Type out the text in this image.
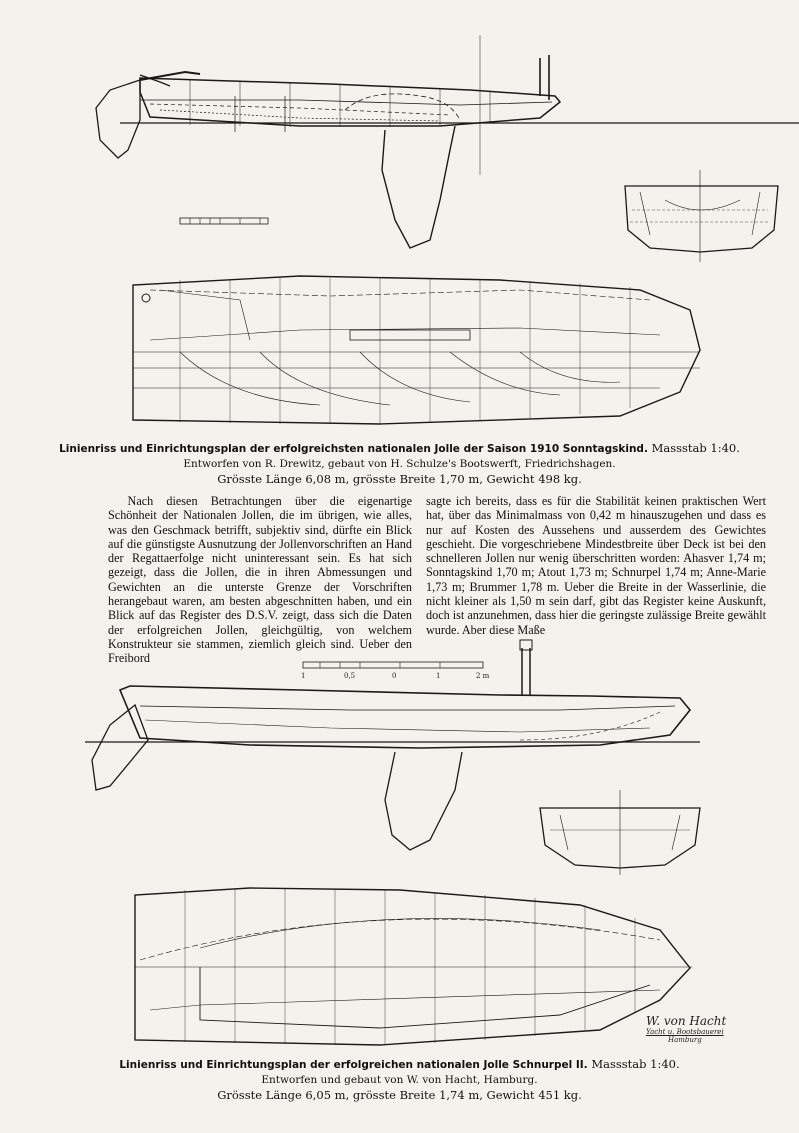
1	0,5	0	1	2 m
Linienriss und Einrichtungsplan der erfolgreichsten nationalen Jolle der Saison 1910 Sonntagskind. Massstab 1:40.
Entworfen von R. Drewitz, gebaut von H. Schulze's Bootswerft, Friedrichshagen.
Grösste Länge 6,08 m, grösste Breite 1,70 m, Gewicht 498 kg.

Nach diesen Betrachtungen über die eigenartige Schönheit der Nationalen Jollen, die im übrigen, wie alles, was den Geschmack betrifft, subjektiv sind, dürfte ein Blick auf die günstigste Ausnutzung der Jollenvorschriften an Hand der Regattaerfolge nicht uninteressant sein. Es hat sich gezeigt, dass die Jollen, die in ihren Abmessungen und Gewichten an die unterste Grenze der Vorschriften herangebaut waren, am besten abgeschnitten haben, und ein Blick auf das Register des D.S.V. zeigt, dass sich die Daten der erfolgreichen Jollen, gleichgültig, von welchem Konstrukteur sie stammen, ziemlich gleich sind. Ueber den Freibord

sagte ich bereits, dass es für die Stabilität keinen praktischen Wert hat, über das Minimalmass von 0,42 m hinauszugehen und dass es nur auf Kosten des Aussehens und ausserdem des Gewichtes geschieht. Die vorgeschriebene Mindestbreite über Deck ist bei den schnelleren Jollen nur wenig überschritten worden: Ahasver 1,74 m; Sonntagskind 1,70 m; Atout 1,73 m; Schnurpel 1,74 m; Anne-Marie 1,73 m; Brummer 1,78 m. Ueber die Breite in der Wasserlinie, die nicht kleiner als 1,50 m sein darf, gibt das Register keine Auskunft, doch ist anzunehmen, dass hier die geringste zulässige Breite gewählt wurde. Aber diese Maße

W. von Hacht
Yacht u. Bootsbauerei
Hamburg
Linienriss und Einrichtungsplan der erfolgreichen nationalen Jolle Schnurpel II. Massstab 1:40.
Entworfen und gebaut von W. von Hacht, Hamburg.
Grösste Länge 6,05 m, grösste Breite 1,74 m, Gewicht 451 kg.
